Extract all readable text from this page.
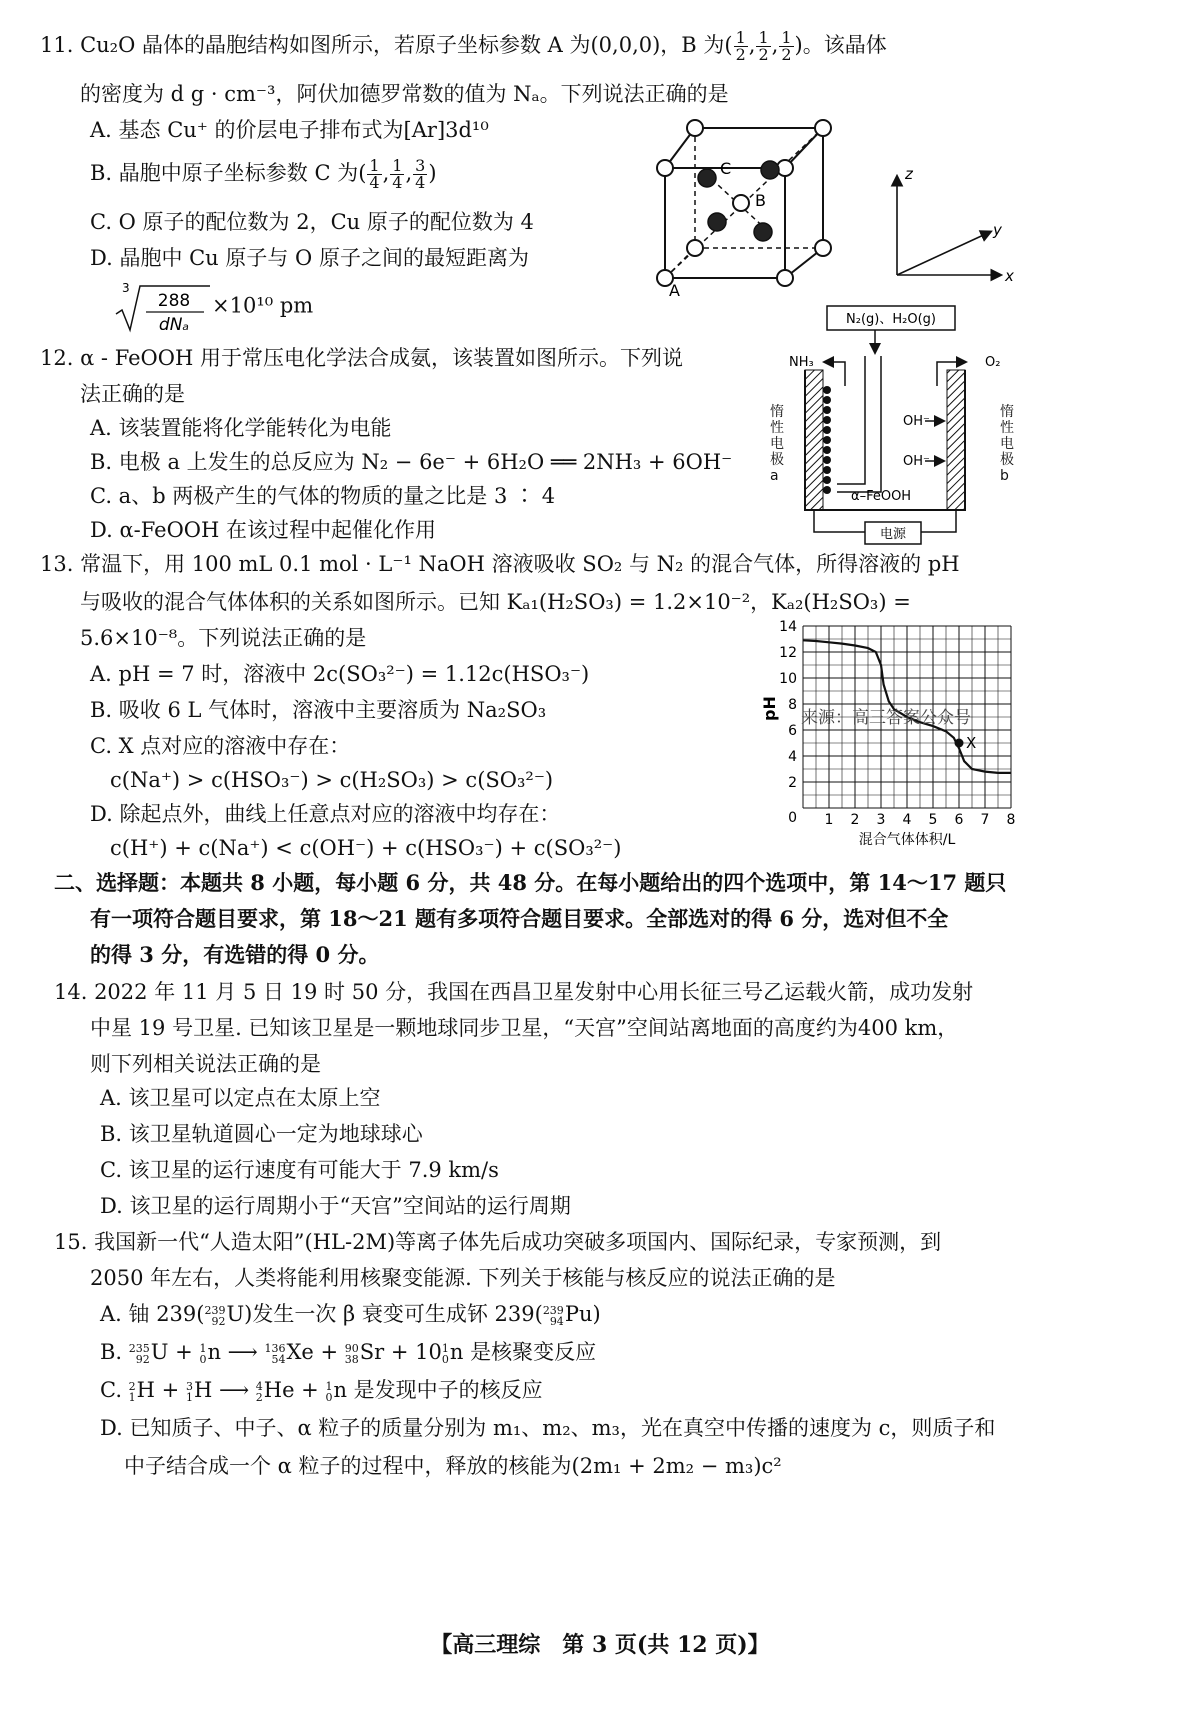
11. Cu₂O 晶体的晶胞结构如图所示，若原子坐标参数 A 为(0,0,0)，B 为( $\frac{1}{2}$ , $\frac{1}{2}$ , $\frac{1}{2}$ )。该晶体
的密度为 d g · cm⁻³，阿伏加德罗常数的值为 Nₐ。下列说法正确的是
A. 基态 Cu⁺ 的价层电子排布式为[Ar]3d¹⁰
B. 晶胞中原子坐标参数 C 为( $\frac{1}{4}$ , $\frac{1}{4}$ , $\frac{3}{4}$ )
C. O 原子的配位数为 2，Cu 原子的配位数为 4
D. 晶胞中 Cu 原子与 O 原子之间的最短距离为
3
288
dNₐ
×10¹⁰ pm
C
B
A
z
y
x
12. α - FeOOH 用于常压电化学法合成氨，该装置如图所示。下列说
法正确的是
A. 该装置能将化学能转化为电能
B. 电极 a 上发生的总反应为 N₂ − 6e⁻ + 6H₂O ══ 2NH₃ + 6OH⁻
C. a、b 两极产生的气体的物质的量之比是 3 ∶ 4
D. α-FeOOH 在该过程中起催化作用
N₂(g)、H₂O(g)
NH₃	O₂
OH⁻
OH⁻
α–FeOOH
电源
惰性电极a
惰性电极b
13. 常温下，用 100 mL 0.1 mol · L⁻¹ NaOH 溶液吸收 SO₂ 与 N₂ 的混合气体，所得溶液的 pH
与吸收的混合气体体积的关系如图所示。已知 Kₐ₁(H₂SO₃) = 1.2×10⁻²，Kₐ₂(H₂SO₃) =
5.6×10⁻⁸。下列说法正确的是
A. pH = 7 时，溶液中 2c(SO₃²⁻) = 1.12c(HSO₃⁻)
B. 吸收 6 L 气体时，溶液中主要溶质为 Na₂SO₃
C. X 点对应的溶液中存在：
c(Na⁺) > c(HSO₃⁻) > c(H₂SO₃) > c(SO₃²⁻)
D. 除起点外，曲线上任意点对应的溶液中均存在：
c(H⁺) + c(Na⁺) < c(OH⁻) + c(HSO₃⁻) + c(SO₃²⁻)
1 2 3 4 5 6 7 8
0
2
4
6
8
10
12
14
X
pH
混合气体体积/L
来源：高三答案公众号
二、选择题：本题共 8 小题，每小题 6 分，共 48 分。在每小题给出的四个选项中，第 14～17 题只
有一项符合题目要求，第 18～21 题有多项符合题目要求。全部选对的得 6 分，选对但不全
的得 3 分，有选错的得 0 分。
14. 2022 年 11 月 5 日 19 时 50 分，我国在西昌卫星发射中心用长征三号乙运载火箭，成功发射
中星 19 号卫星. 已知该卫星是一颗地球同步卫星，“天宫”空间站离地面的高度约为400 km，
则下列相关说法正确的是
A. 该卫星可以定点在太原上空
B. 该卫星轨道圆心一定为地球球心
C. 该卫星的运行速度有可能大于 7.9 km/s
D. 该卫星的运行周期小于“天宫”空间站的运行周期
15. 我国新一代“人造太阳”(HL-2M)等离子体先后成功突破多项国内、国际纪录，专家预测，到
2050 年左右，人类将能利用核聚变能源. 下列关于核能与核反应的说法正确的是
A. 铀 239( 239
92 U)发生一次 β 衰变可生成钚 239( 239
94 Pu)
B. 235
92 U + 1
0 n ⟶ 136
54 Xe + 90
38 Sr + 10 1
0 n 是核聚变反应
C. 2
1 H + 3
1 H ⟶ 4
2 He + 1
0 n 是发现中子的核反应
D. 已知质子、中子、α 粒子的质量分别为 m₁、m₂、m₃，光在真空中传播的速度为 c，则质子和
中子结合成一个 α 粒子的过程中，释放的核能为(2m₁ + 2m₂ − m₃)c²
【高三理综　第 3 页(共 12 页)】
